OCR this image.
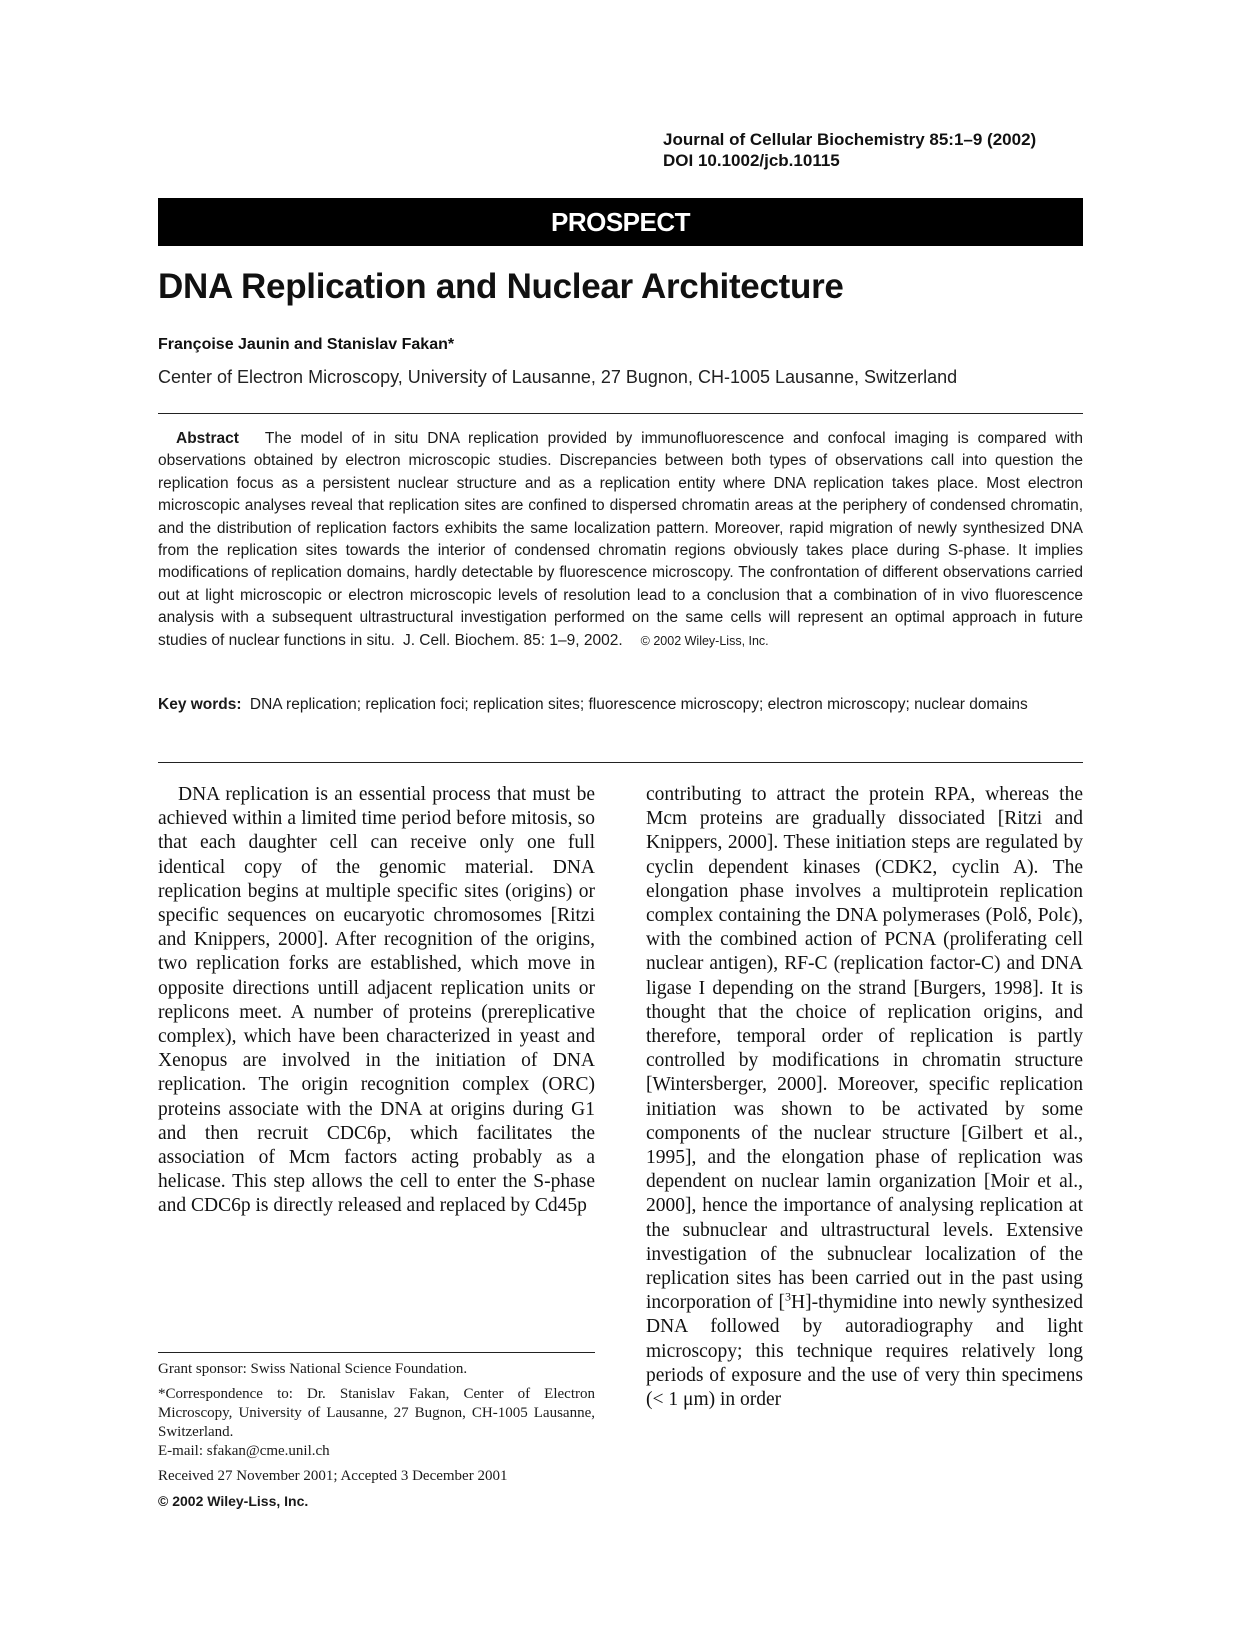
Journal of Cellular Biochemistry 85:1–9 (2002)
DOI 10.1002/jcb.10115
PROSPECT
DNA Replication and Nuclear Architecture
Françoise Jaunin and Stanislav Fakan*
Center of Electron Microscopy, University of Lausanne, 27 Bugnon, CH-1005 Lausanne, Switzerland
Abstract The model of in situ DNA replication provided by immunofluorescence and confocal imaging is compared with observations obtained by electron microscopic studies. Discrepancies between both types of observations call into question the replication focus as a persistent nuclear structure and as a replication entity where DNA replication takes place. Most electron microscopic analyses reveal that replication sites are confined to dispersed chromatin areas at the periphery of condensed chromatin, and the distribution of replication factors exhibits the same localization pattern. Moreover, rapid migration of newly synthesized DNA from the replication sites towards the interior of condensed chromatin regions obviously takes place during S-phase. It implies modifications of replication domains, hardly detectable by fluorescence microscopy. The confrontation of different observations carried out at light microscopic or electron microscopic levels of resolution lead to a conclusion that a combination of in vivo fluorescence analysis with a subsequent ultrastructural investigation performed on the same cells will represent an optimal approach in future studies of nuclear functions in situ. J. Cell. Biochem. 85: 1–9, 2002. © 2002 Wiley-Liss, Inc.
Key words: DNA replication; replication foci; replication sites; fluorescence microscopy; electron microscopy; nuclear domains

DNA replication is an essential process that must be achieved within a limited time period before mitosis, so that each daughter cell can receive only one full identical copy of the genomic material. DNA replication begins at multiple specific sites (origins) or specific sequences on eucaryotic chromosomes [Ritzi and Knippers, 2000]. After recognition of the origins, two replication forks are established, which move in opposite directions untill adjacent replication units or replicons meet. A number of proteins (prereplicative complex), which have been characterized in yeast and Xenopus are involved in the initiation of DNA replication. The origin recognition complex (ORC) proteins associate with the DNA at origins during G1 and then recruit CDC6p, which facilitates the association of Mcm factors acting probably as a helicase. This step allows the cell to enter the S-phase and CDC6p is directly released and replaced by Cd45p

contributing to attract the protein RPA, whereas the Mcm proteins are gradually dissociated [Ritzi and Knippers, 2000]. These initiation steps are regulated by cyclin dependent kinases (CDK2, cyclin A). The elongation phase involves a multiprotein replication complex containing the DNA polymerases (Polδ, Polϵ), with the combined action of PCNA (proliferating cell nuclear antigen), RF-C (replication factor-C) and DNA ligase I depending on the strand [Burgers, 1998]. It is thought that the choice of replication origins, and therefore, temporal order of replication is partly controlled by modifications in chromatin structure [Wintersberger, 2000]. Moreover, specific replication initiation was shown to be activated by some components of the nuclear structure [Gilbert et al., 1995], and the elongation phase of replication was dependent on nuclear lamin organization [Moir et al., 2000], hence the importance of analysing replication at the subnuclear and ultrastructural levels. Extensive investigation of the subnuclear localization of the replication sites has been carried out in the past using incorporation of [$^3$H]-thymidine into newly synthesized DNA followed by autoradiography and light microscopy; this technique requires relatively long periods of exposure and the use of very thin specimens (< 1 μm) in order

Grant sponsor: Swiss National Science Foundation.
*Correspondence to: Dr. Stanislav Fakan, Center of Electron Microscopy, University of Lausanne, 27 Bugnon, CH-1005 Lausanne, Switzerland.
E-mail: sfakan@cme.unil.ch
Received 27 November 2001; Accepted 3 December 2001
© 2002 Wiley-Liss, Inc.
